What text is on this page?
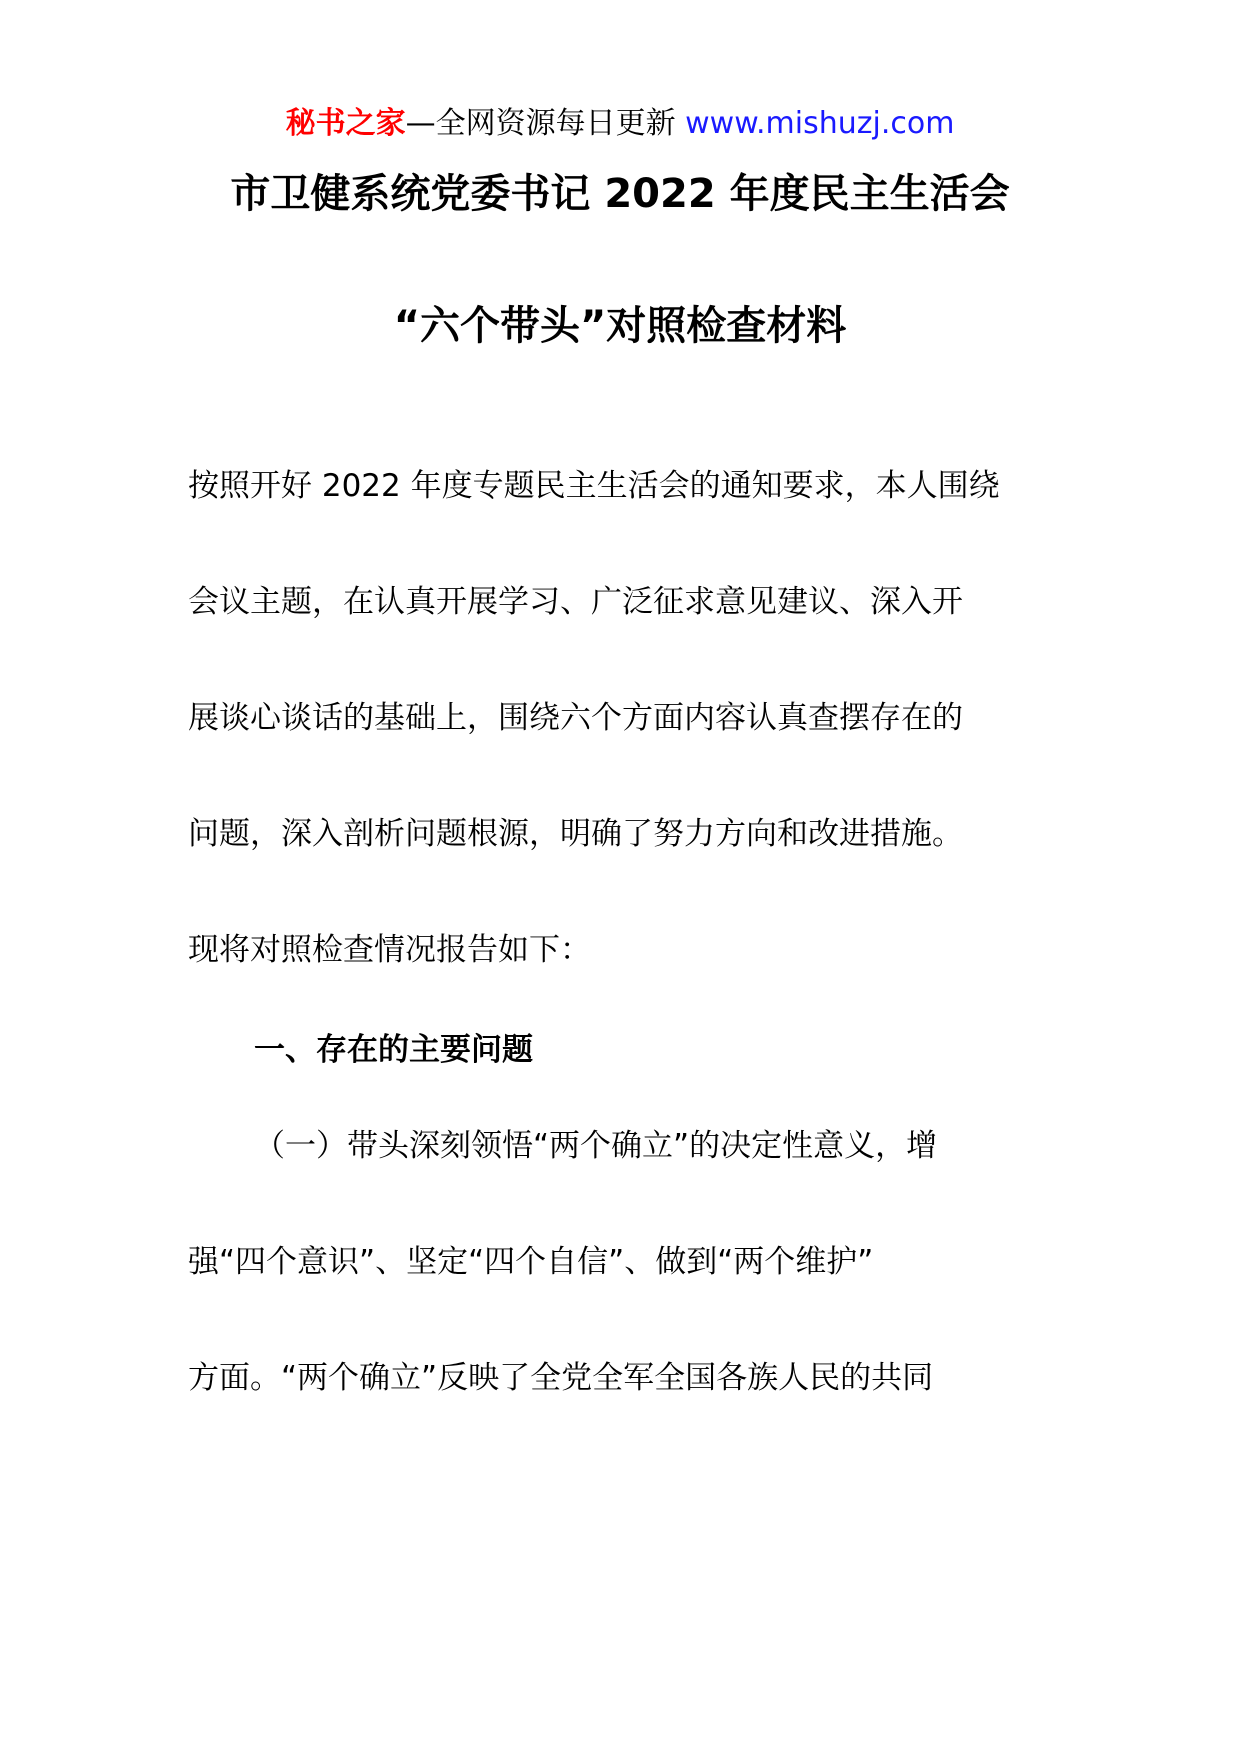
秘书之家—全网资源每日更新 www.mishuzj.com
市卫健系统党委书记 2022 年度民主生活会
“六个带头”对照检查材料
按照开好 2022 年度专题民主生活会的通知要求，本人围绕
会议主题，在认真开展学习、广泛征求意见建议、深入开
展谈心谈话的基础上，围绕六个方面内容认真查摆存在的
问题，深入剖析问题根源，明确了努力方向和改进措施。
现将对照检查情况报告如下：
一、存在的主要问题
（一）带头深刻领悟“两个确立”的决定性意义，增
强“四个意识”、坚定“四个自信”、做到“两个维护”
方面。“两个确立”反映了全党全军全国各族人民的共同
